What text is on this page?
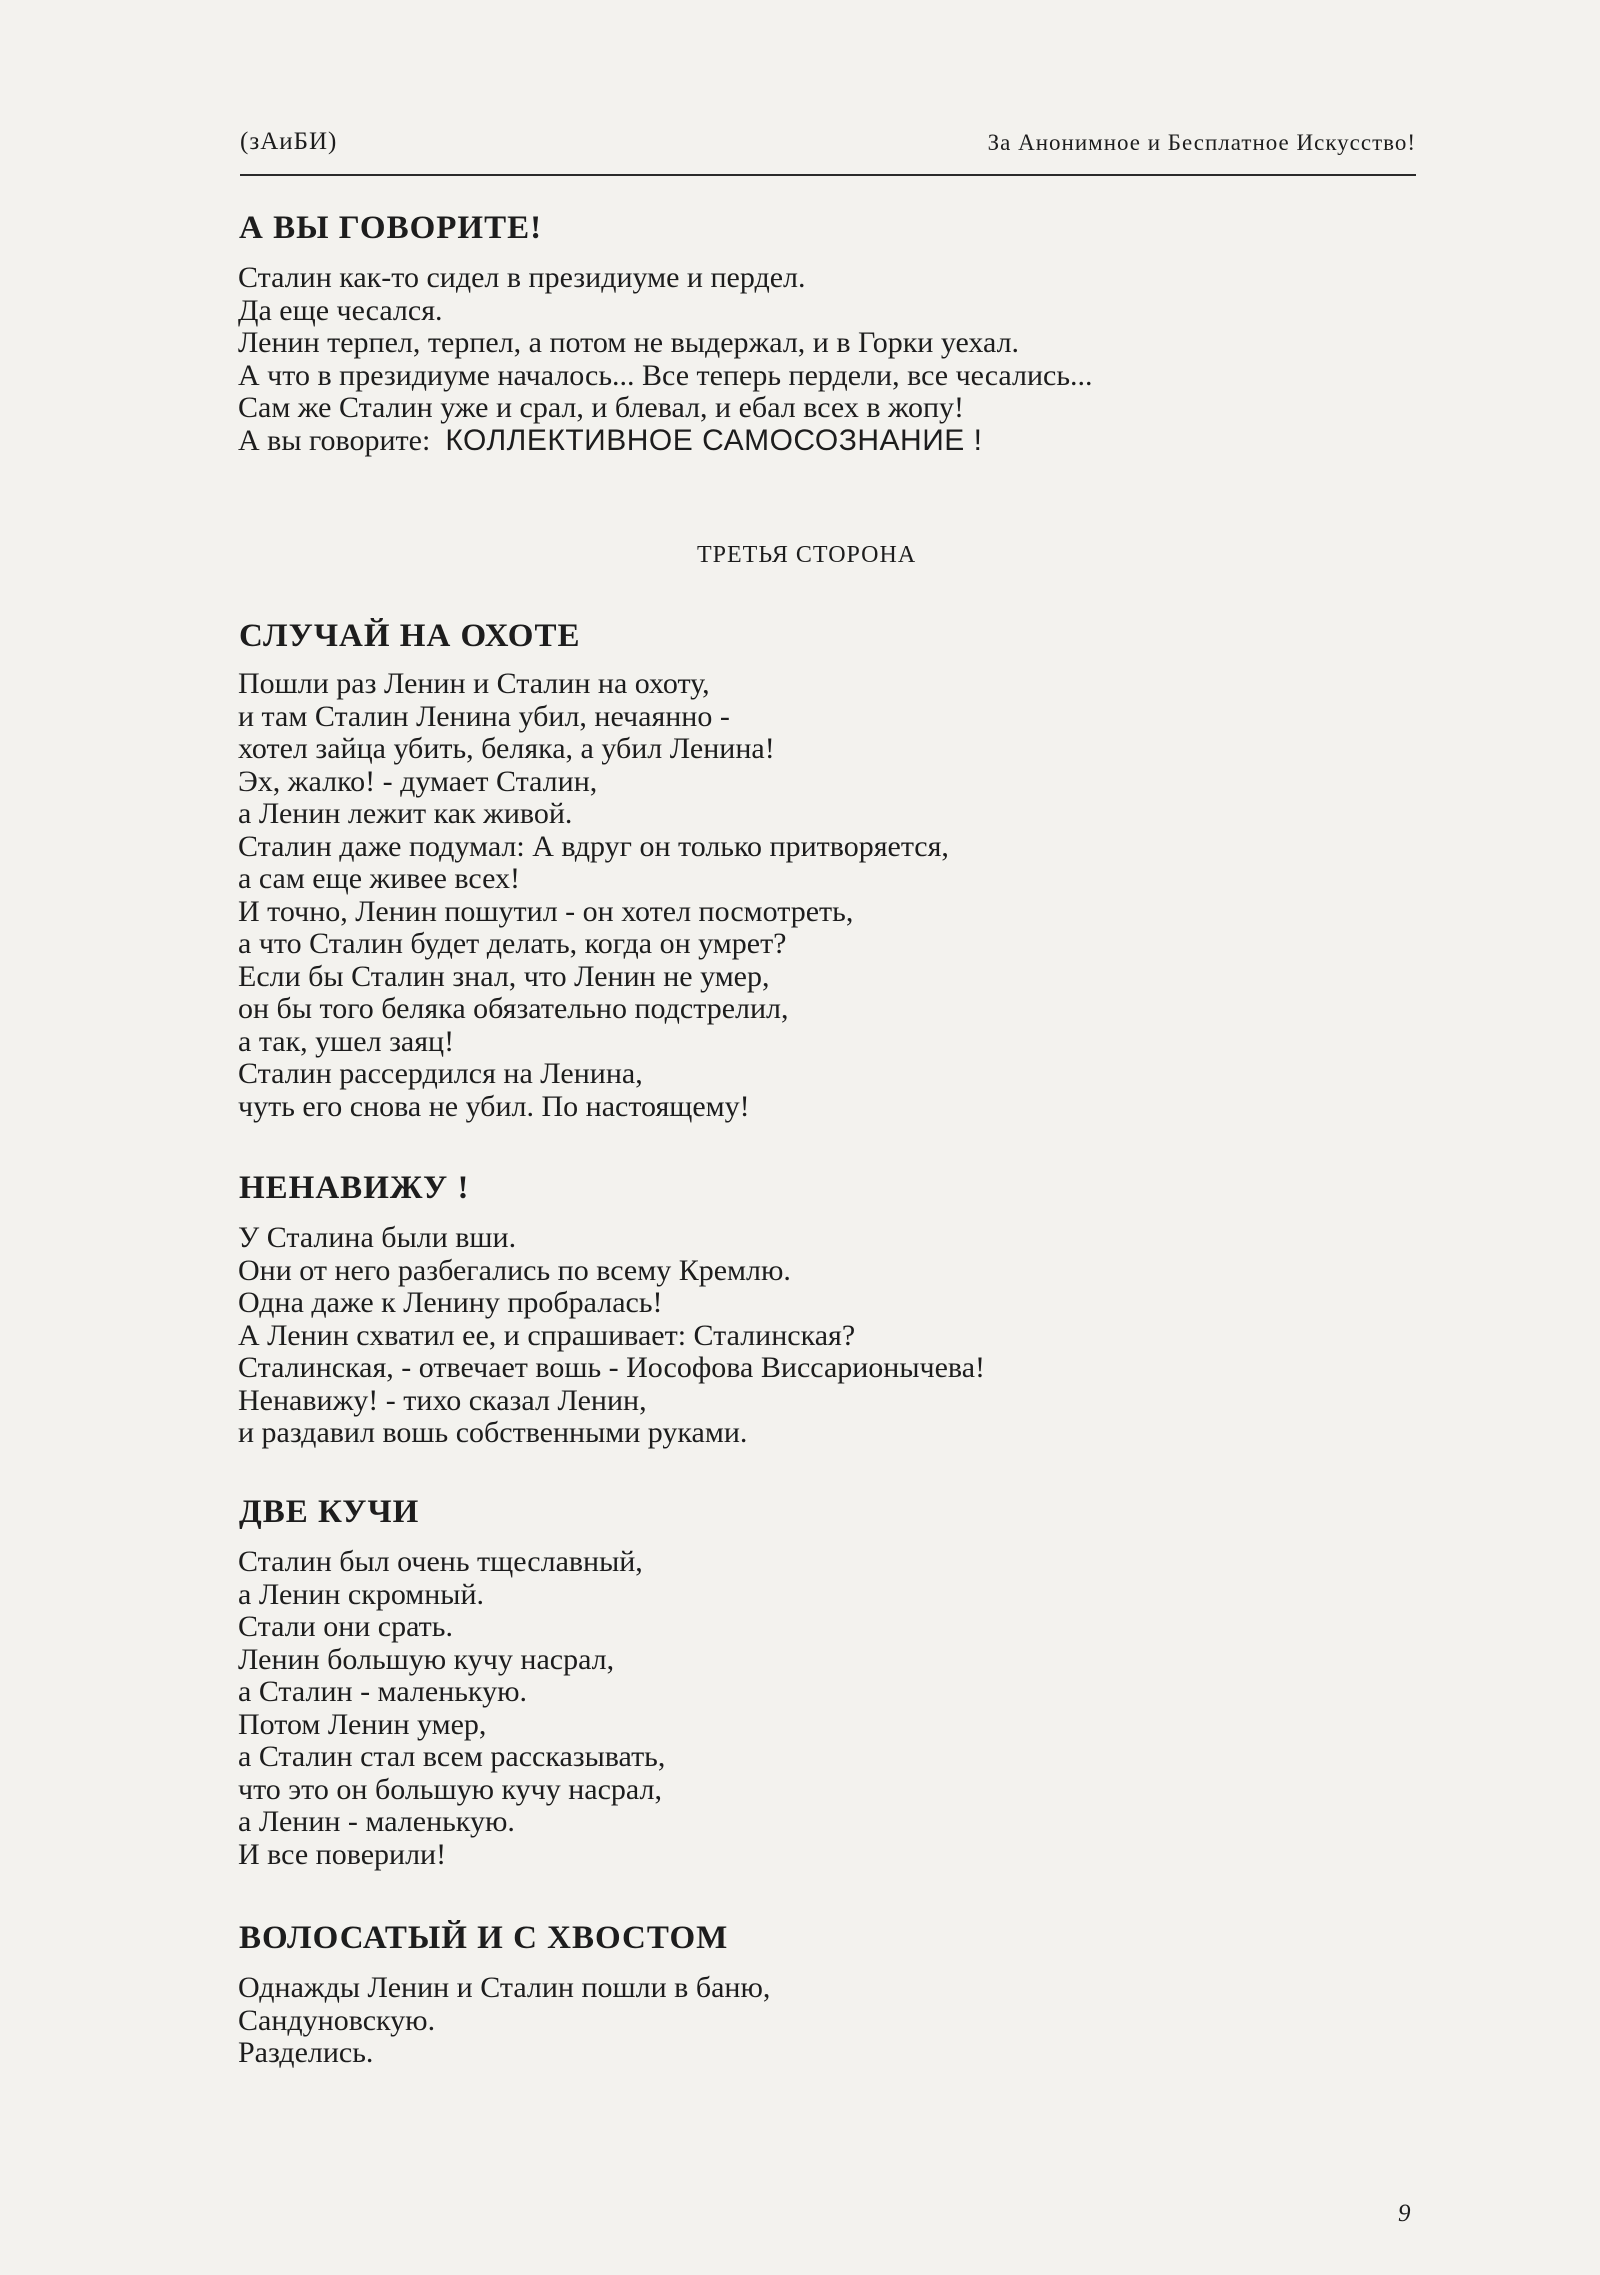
(зАиБИ)	За Анонимное и Бесплатное Искусство!
А ВЫ ГОВОРИТЕ!
Сталин как-то сидел в президиуме и пердел.
Да еще чесался.
Ленин терпел, терпел, а потом не выдержал, и в Горки уехал.
А что в президиуме началось... Все теперь пердели, все чесались...
Сам же Сталин уже и срал, и блевал, и ебал всех в жопу!
А вы говорите: КОЛЛЕКТИВНОЕ САМОСОЗНАНИЕ !
ТРЕТЬЯ СТОРОНА
СЛУЧАЙ НА ОХОТЕ
Пошли раз Ленин и Сталин на охоту,
и там Сталин Ленина убил, нечаянно -
хотел зайца убить, беляка, а убил Ленина!
Эх, жалко! - думает Сталин,
а Ленин лежит как живой.
Сталин даже подумал: А вдруг он только притворяется,
а сам еще живее всех!
И точно, Ленин пошутил - он хотел посмотреть,
а что Сталин будет делать, когда он умрет?
Если бы Сталин знал, что Ленин не умер,
он бы того беляка обязательно подстрелил,
а так, ушел заяц!
Сталин рассердился на Ленина,
чуть его снова не убил. По настоящему!
НЕНАВИЖУ !
У Сталина были вши.
Они от него разбегались по всему Кремлю.
Одна даже к Ленину пробралась!
А Ленин схватил ее, и спрашивает: Сталинская?
Сталинская, - отвечает вошь - Иософова Виссарионычева!
Ненавижу! - тихо сказал Ленин,
и раздавил вошь собственными руками.
ДВЕ КУЧИ
Сталин был очень тщеславный,
а Ленин скромный.
Стали они срать.
Ленин большую кучу насрал,
а Сталин - маленькую.
Потом Ленин умер,
а Сталин стал всем рассказывать,
что это он большую кучу насрал,
а Ленин - маленькую.
И все поверили!
ВОЛОСАТЫЙ И С ХВОСТОМ
Однажды Ленин и Сталин пошли в баню,
Сандуновскую.
Разделись.
9
